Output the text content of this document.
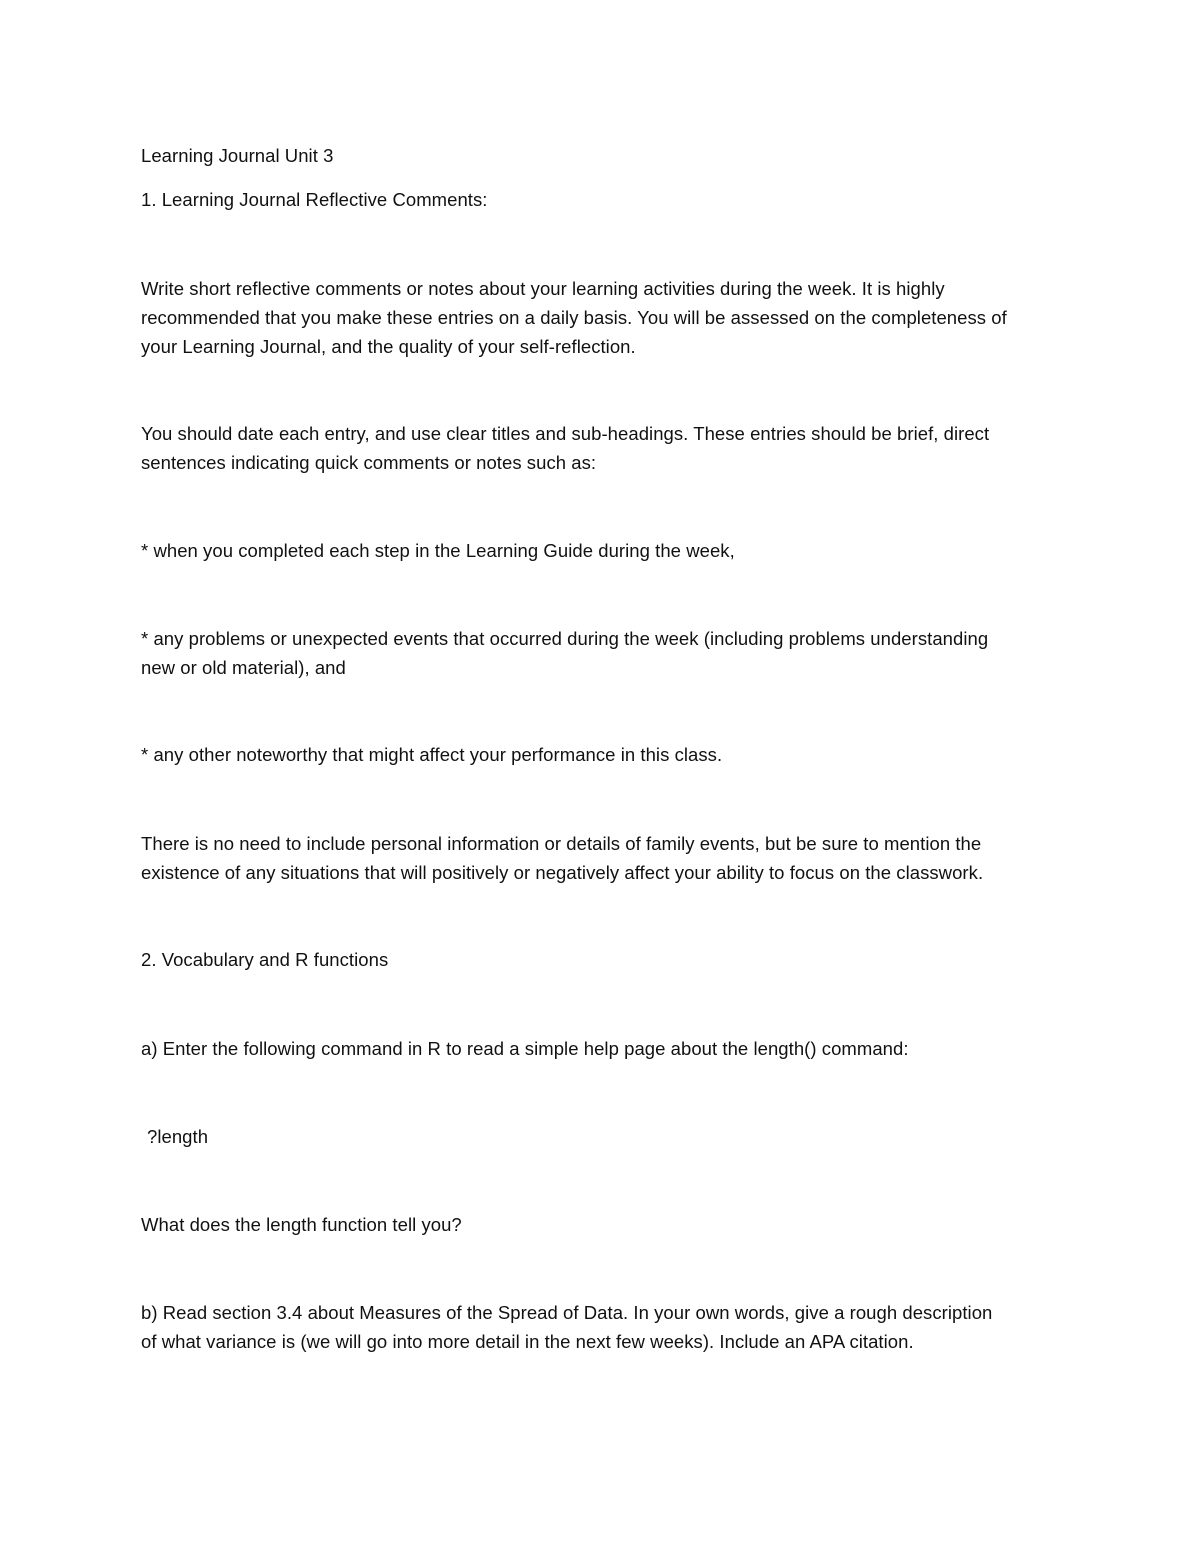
Learning Journal Unit 3
1. Learning Journal Reflective Comments:
Write short reflective comments or notes about your learning activities during the week. It is highly
recommended that you make these entries on a daily basis. You will be assessed on the completeness of
your Learning Journal, and the quality of your self-reflection.
You should date each entry, and use clear titles and sub-headings. These entries should be brief, direct
sentences indicating quick comments or notes such as:
* when you completed each step in the Learning Guide during the week,
* any problems or unexpected events that occurred during the week (including problems understanding
new or old material), and
* any other noteworthy that might affect your performance in this class.
There is no need to include personal information or details of family events, but be sure to mention the
existence of any situations that will positively or negatively affect your ability to focus on the classwork.
2. Vocabulary and R functions
a) Enter the following command in R to read a simple help page about the length() command:
?length
What does the length function tell you?
b) Read section 3.4 about Measures of the Spread of Data. In your own words, give a rough description
of what variance is (we will go into more detail in the next few weeks). Include an APA citation.
